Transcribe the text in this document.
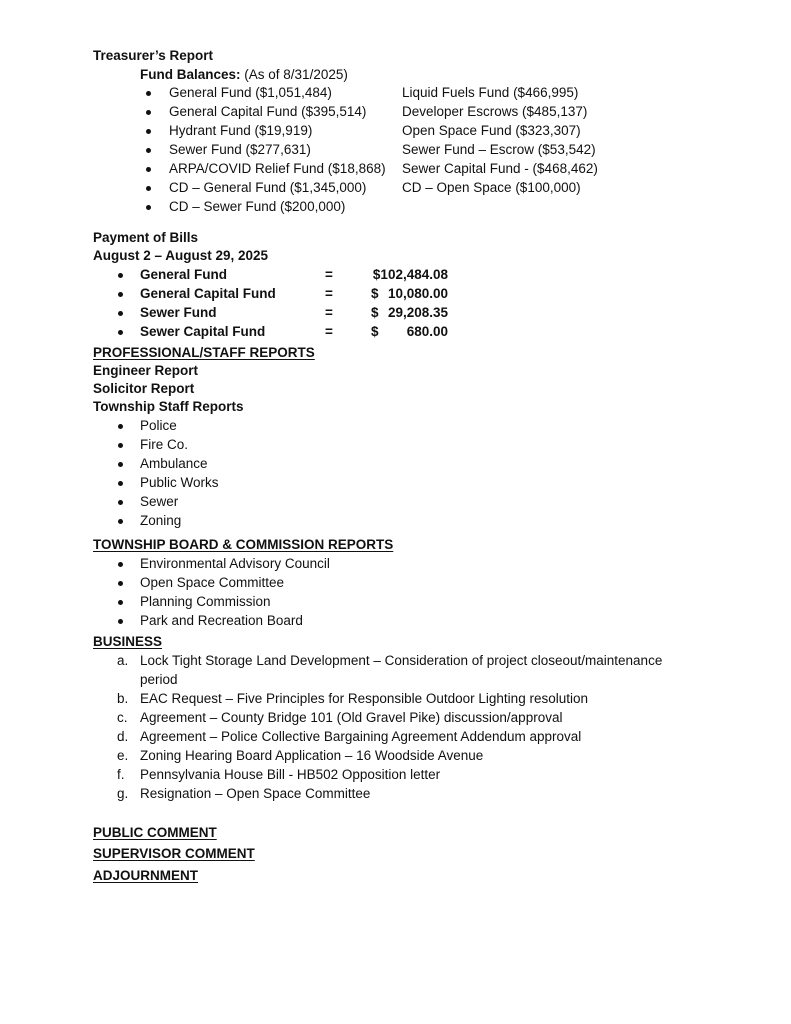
Treasurer’s Report
Fund Balances: (As of 8/31/2025)
General Fund ($1,051,484)
General Capital Fund ($395,514)
Hydrant Fund ($19,919)
Sewer Fund ($277,631)
ARPA/COVID Relief Fund ($18,868)
CD – General Fund ($1,345,000)
CD – Sewer Fund ($200,000)
Liquid Fuels Fund ($466,995)
Developer Escrows ($485,137)
Open Space Fund ($323,307)
Sewer Fund – Escrow ($53,542)
Sewer Capital Fund - ($468,462)
CD – Open Space ($100,000)
Payment of Bills
August 2 – August 29, 2025
General Fund	=	$102,484.08
General Capital Fund	=	$ 10,080.00
Sewer Fund	=	$ 29,208.35
Sewer Capital Fund	=	$	680.00
PROFESSIONAL/STAFF REPORTS
Engineer Report
Solicitor Report
Township Staff Reports
Police
Fire Co.
Ambulance
Public Works
Sewer
Zoning
TOWNSHIP BOARD & COMMISSION REPORTS
Environmental Advisory Council
Open Space Committee
Planning Commission
Park and Recreation Board
BUSINESS
a. Lock Tight Storage Land Development – Consideration of project closeout/maintenance
period
b. EAC Request – Five Principles for Responsible Outdoor Lighting resolution
c. Agreement – County Bridge 101 (Old Gravel Pike) discussion/approval
d. Agreement – Police Collective Bargaining Agreement Addendum approval
e. Zoning Hearing Board Application – 16 Woodside Avenue
f. Pennsylvania House Bill - HB502 Opposition letter
g. Resignation – Open Space Committee
PUBLIC COMMENT
SUPERVISOR COMMENT
ADJOURNMENT
